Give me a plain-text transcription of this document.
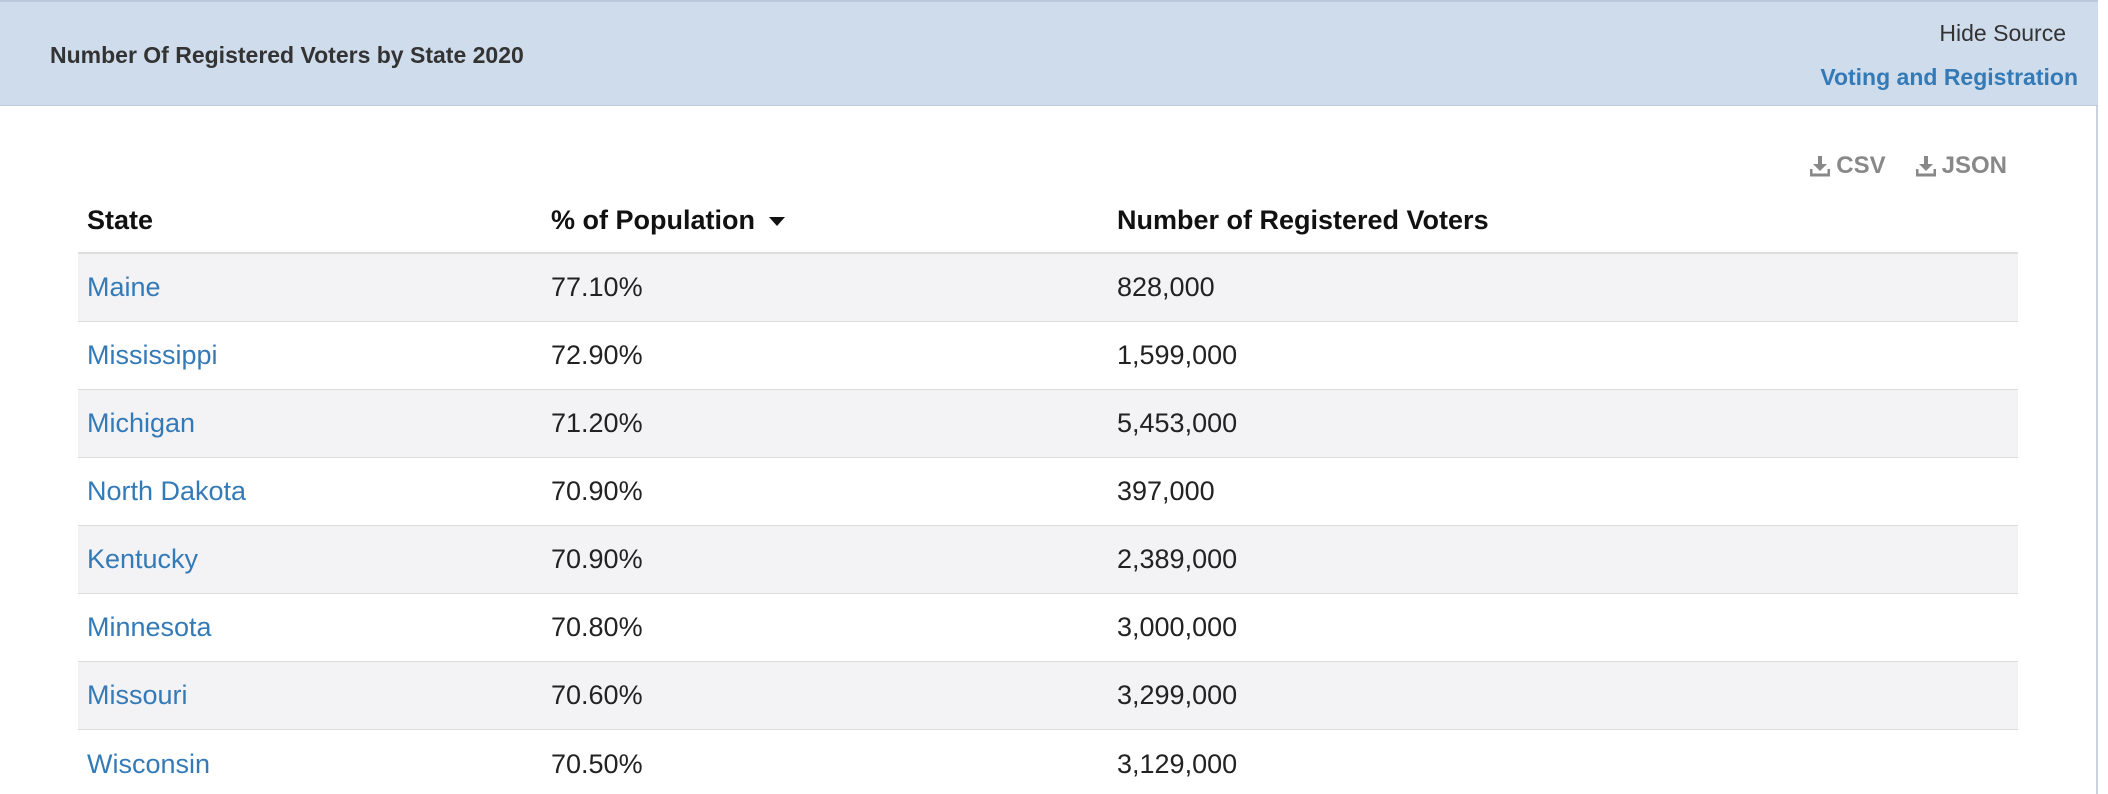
Number Of Registered Voters by State 2020
Hide Source
Voting and Registration
CSV JSON
State	% of Population	Number of Registered Voters
Maine	77.10%	828,000
Mississippi	72.90%	1,599,000
Michigan	71.20%	5,453,000
North Dakota	70.90%	397,000
Kentucky	70.90%	2,389,000
Minnesota	70.80%	3,000,000
Missouri	70.60%	3,299,000
Wisconsin	70.50%	3,129,000
